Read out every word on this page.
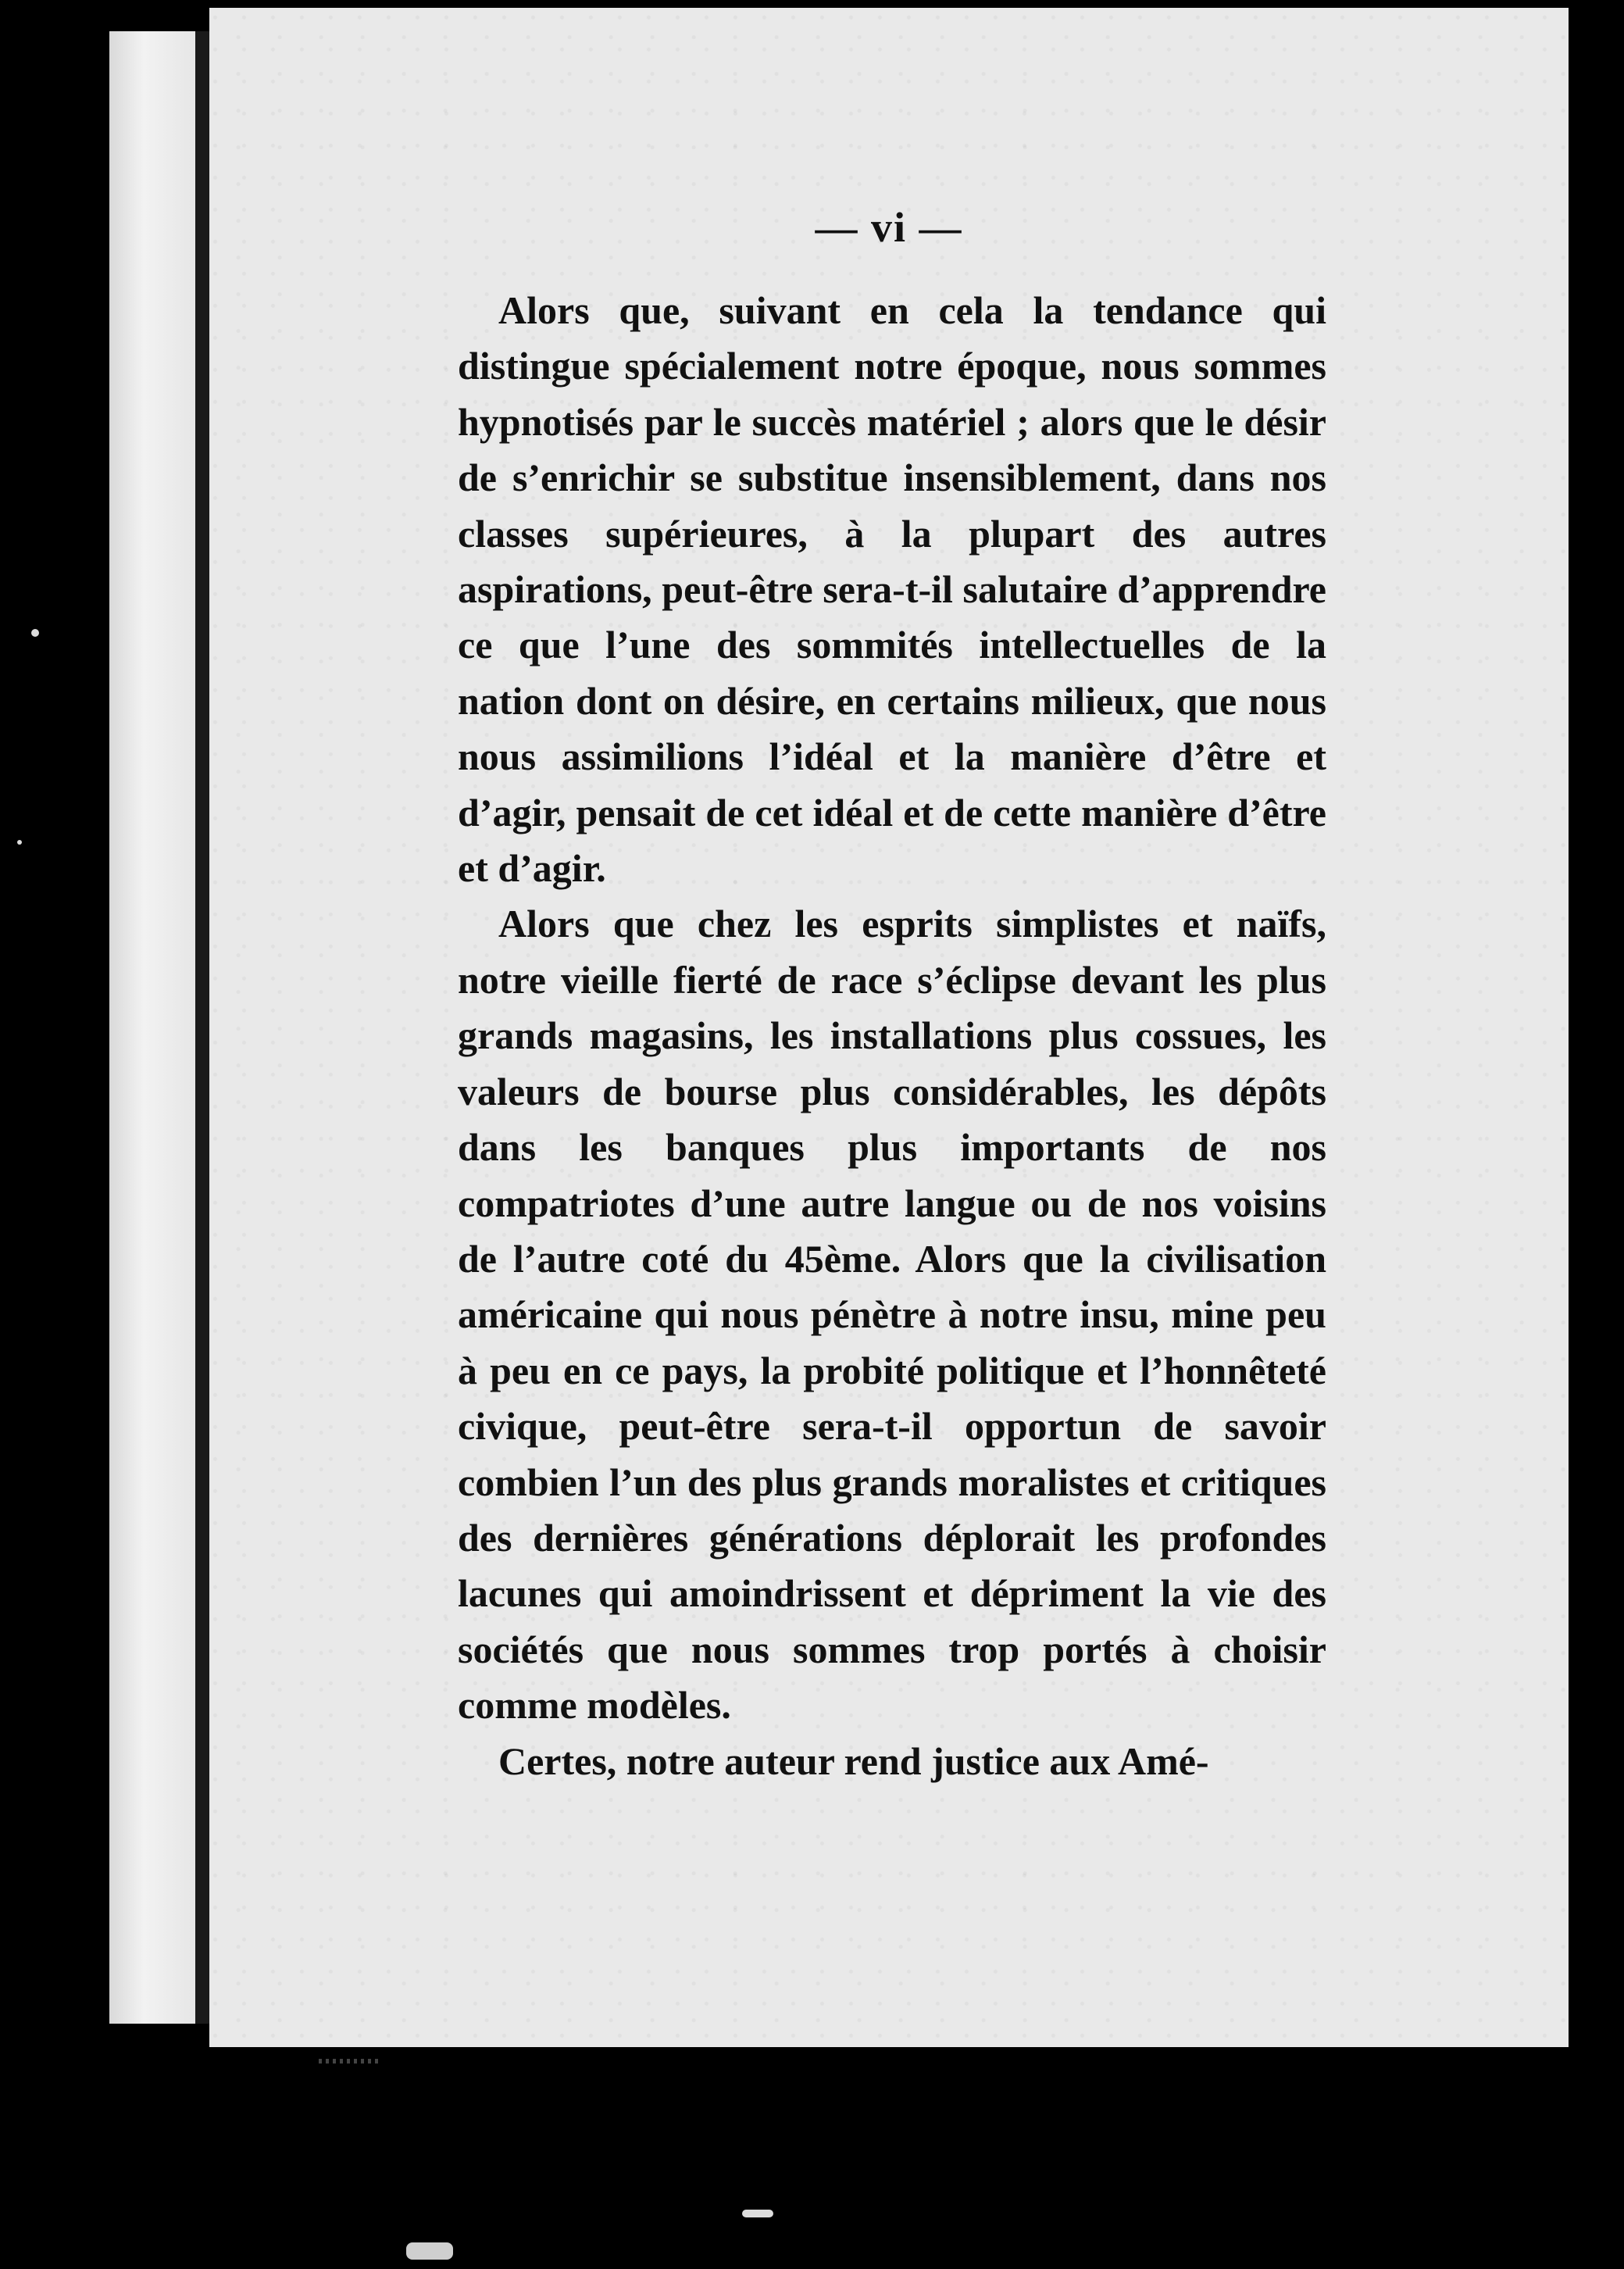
— vi —

Alors que, suivant en cela la tendance qui distingue spécialement notre époque, nous sommes hypnotisés par le succès matériel ; alors que le désir de s’enrichir se substitue insensiblement, dans nos classes supérieures, à la plupart des autres aspirations, peut-être sera-t-il salutaire d’apprendre ce que l’une des sommités intellectuelles de la nation dont on désire, en certains milieux, que nous nous assimilions l’idéal et la manière d’être et d’agir, pensait de cet idéal et de cette manière d’être et d’agir.

Alors que chez les esprits simplistes et naïfs, notre vieille fierté de race s’éclipse devant les plus grands magasins, les installations plus cossues, les valeurs de bourse plus considérables, les dépôts dans les banques plus importants de nos compatriotes d’une autre langue ou de nos voisins de l’autre coté du 45ème. Alors que la civilisation américaine qui nous pénètre à notre insu, mine peu à peu en ce pays, la probité politique et l’honnêteté civique, peut-être sera-t-il opportun de savoir combien l’un des plus grands moralistes et critiques des dernières générations déplorait les profondes lacunes qui amoindrissent et dépriment la vie des sociétés que nous sommes trop portés à choisir comme modèles.

Certes, notre auteur rend justice aux Amé-
